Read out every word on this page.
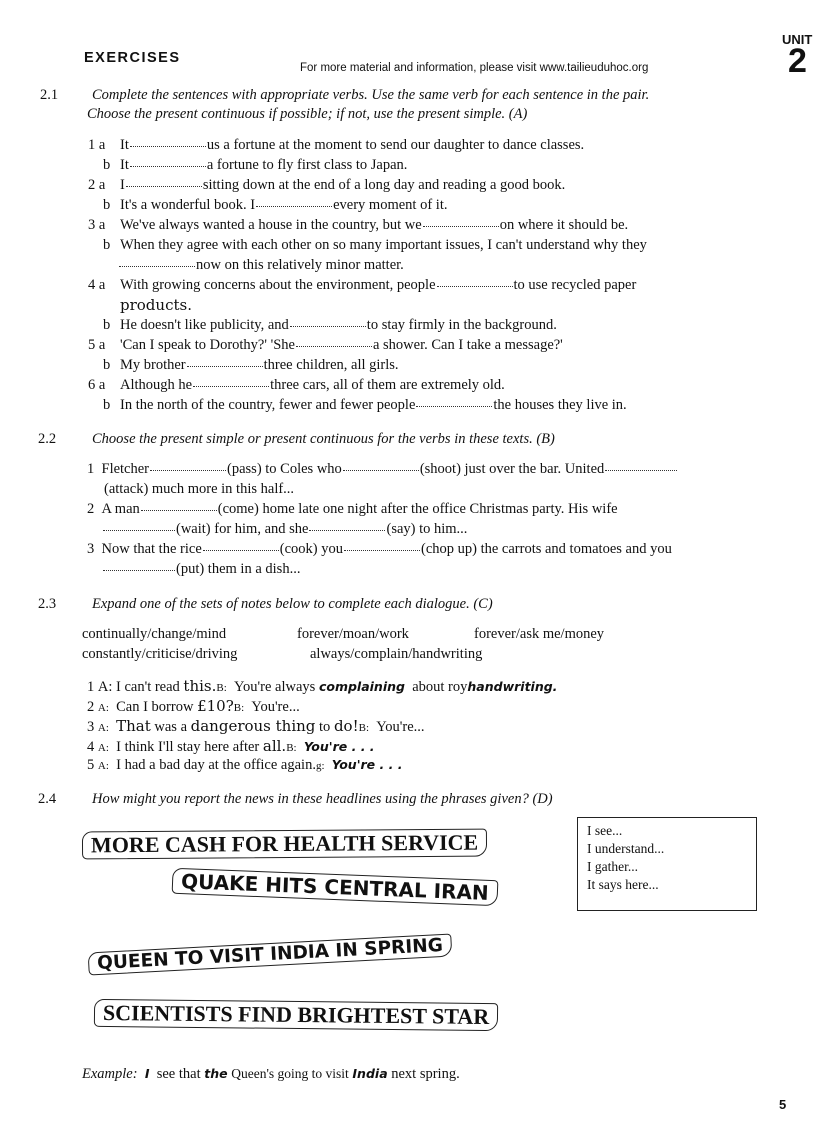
EXERCISES
For more material and information, please visit www.tailieuduhoc.org
UNIT
2
2.1 Complete the sentences with appropriate verbs. Use the same verb for each sentence in the pair.
Choose the present continuous if possible; if not, use the present simple. (A)
1 a It	us a fortune at the moment to send our daughter to dance classes.
b It	a fortune to fly first class to Japan.
2 a I	sitting down at the end of a long day and reading a good book.
b It's a wonderful book. I	every moment of it.
3 a We've always wanted a house in the country, but we	on where it should be.
b When they agree with each other on so many important issues, I can't understand why they
now on this relatively minor matter.
4 a With growing concerns about the environment, people	to use recycled paper
products.
b He doesn't like publicity, and	to stay firmly in the background.
5 a 'Can I speak to Dorothy?' 'She	a shower. Can I take a message?'
b My brother	three children, all girls.
6 a Although he	three cars, all of them are extremely old.
b In the north of the country, fewer and fewer people	the houses they live in.
2.2 Choose the present simple or present continuous for the verbs in these texts. (B)
1 Fletcher	(pass) to Coles who	(shoot) just over the bar. United
(attack) much more in this half...
2 A man	(come) home late one night after the office Christmas party. His wife
(wait) for him, and she	(say) to him...
3 Now that the rice	(cook) you	(chop up) the carrots and tomatoes and you
(put) them in a dish...
2.3 Expand one of the sets of notes below to complete each dialogue. (C)
continually/change/mind	forever/moan/work	forever/ask me/money
constantly/criticise/driving	always/complain/handwriting
1 A: I can't read this.B: You're always complaining about royhandwriting.
2 A: Can I borrow £10?B: You're...
3 A: That was a dangerous thing to do!B: You're...
4 A: I think I'll stay here after all.B: You're . . .
5 A: I had a bad day at the office again.g: You're . . .
2.4 How might you report the news in these headlines using the phrases given? (D)
MORE CASH FOR HEALTH SERVICE
QUAKE HITS CENTRAL IRAN
QUEEN TO VISIT INDIA IN SPRING
SCIENTISTS FIND BRIGHTEST STAR
I see...
I understand...
I gather...
It says here...
Example: I see that the Queen's going to visit India next spring.
5
